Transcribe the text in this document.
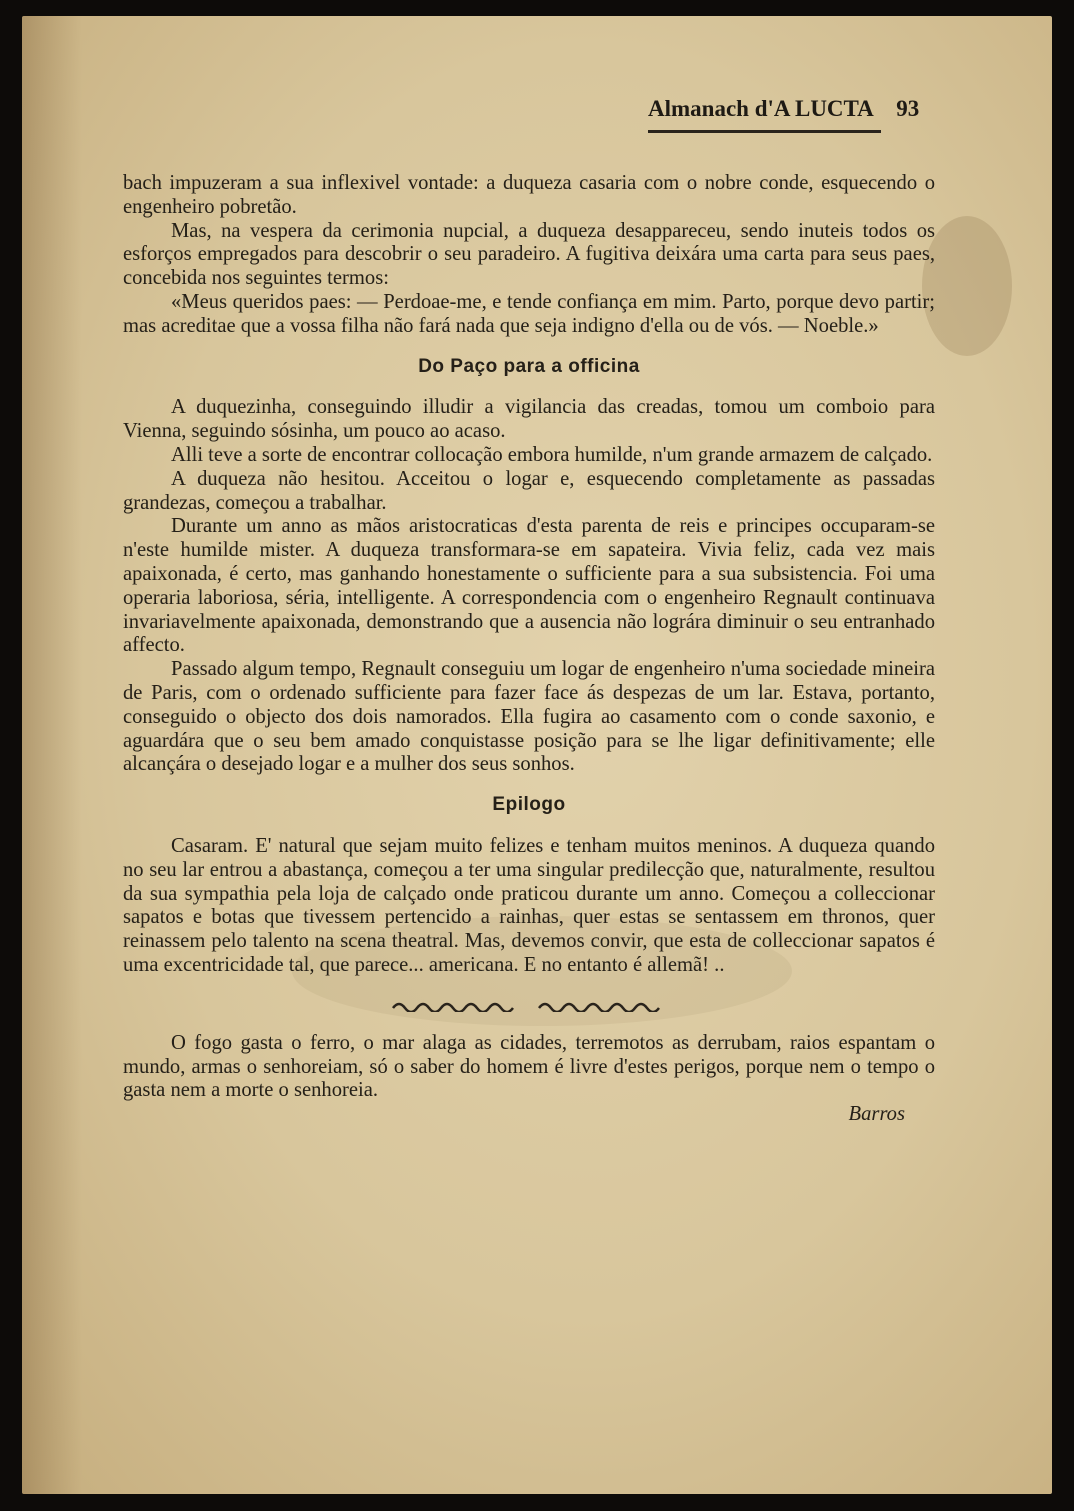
Almanach d'A LUCTA 93

bach impuzeram a sua inflexivel vontade: a duqueza casaria com o nobre conde, esquecendo o engenheiro pobretão.

Mas, na vespera da cerimonia nupcial, a duqueza desappareceu, sendo inuteis todos os esforços empregados para descobrir o seu paradeiro. A fugitiva deixára uma carta para seus paes, concebida nos seguintes termos:

«Meus queridos paes: — Perdoae-me, e tende confiança em mim. Parto, porque devo partir; mas acreditae que a vossa filha não fará nada que seja indigno d'ella ou de vós. — Noeble.»

Do Paço para a officina

A duquezinha, conseguindo illudir a vigilancia das creadas, tomou um comboio para Vienna, seguindo sósinha, um pouco ao acaso.

Alli teve a sorte de encontrar collocação embora humilde, n'um grande armazem de calçado.

A duqueza não hesitou. Acceitou o logar e, esquecendo completamente as passadas grandezas, começou a trabalhar.

Durante um anno as mãos aristocraticas d'esta parenta de reis e principes occuparam-se n'este humilde mister. A duqueza transformara-se em sapateira. Vivia feliz, cada vez mais apaixonada, é certo, mas ganhando honestamente o sufficiente para a sua subsistencia. Foi uma operaria laboriosa, séria, intelligente. A correspondencia com o engenheiro Regnault continuava invariavelmente apaixonada, demonstrando que a ausencia não lográra diminuir o seu entranhado affecto.

Passado algum tempo, Regnault conseguiu um logar de engenheiro n'uma sociedade mineira de Paris, com o ordenado sufficiente para fazer face ás despezas de um lar. Estava, portanto, conseguido o objecto dos dois namorados. Ella fugira ao casamento com o conde saxonio, e aguardára que o seu bem amado conquistasse posição para se lhe ligar definitivamente; elle alcançára o desejado logar e a mulher dos seus sonhos.

Epilogo

Casaram. E' natural que sejam muito felizes e tenham muitos meninos. A duqueza quando no seu lar entrou a abastança, começou a ter uma singular predilecção que, naturalmente, resultou da sua sympathia pela loja de calçado onde praticou durante um anno. Começou a colleccionar sapatos e botas que tivessem pertencido a rainhas, quer estas se sentassem em thronos, quer reinassem pelo talento na scena theatral. Mas, devemos convir, que esta de colleccionar sapatos é uma excentricidade tal, que parece... americana. E no entanto é allemã! ..

O fogo gasta o ferro, o mar alaga as cidades, terremotos as derrubam, raios espantam o mundo, armas o senhoreiam, só o saber do homem é livre d'estes perigos, porque nem o tempo o gasta nem a morte o senhoreia.

Barros
